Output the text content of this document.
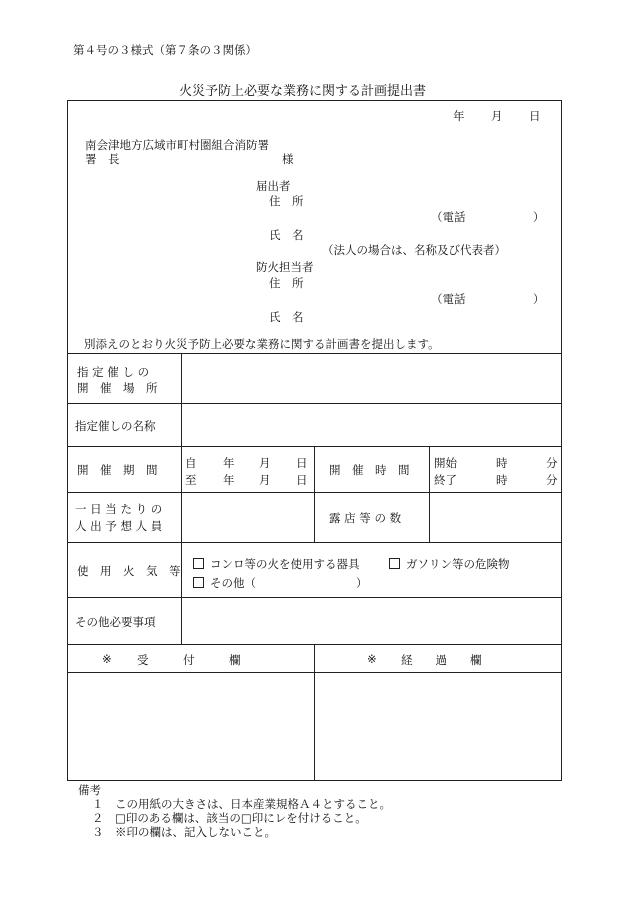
第４号の３様式（第７条の３関係）
火災予防上必要な業務に関する計画提出書
年 月 日
南会津地方広域市町村圏組合消防署
署　長	様
届出者
住　所
（電話	）
氏　名
（法人の場合は、名称及び代表者）
防火担当者
住　所
（電話	）
氏　名
別添えのとおり火災予防上必要な業務に関する計画書を提出します。
指 定 催 し の
開　催　場　所
指定催しの名称
開　催　期　間 自 年 月 日
至 年 月 日
開　催　時　間 開始	時	分
終了	時	分
一 日 当 た り の
人 出 予 想 人 員
露 店 等 の 数
使　用　火　気　等	コンロ等の火を使用する器具	ガソリン等の危険物
その他（	）
その他必要事項
※ 受　　　付　　　欄	※ 経　　過　　欄
備考
１　 この用紙の大きさは、日本産業規格Ａ４とすること。
２　 □印のある欄は、該当の□印にレを付けること。
３　 ※印の欄は、記入しないこと。
